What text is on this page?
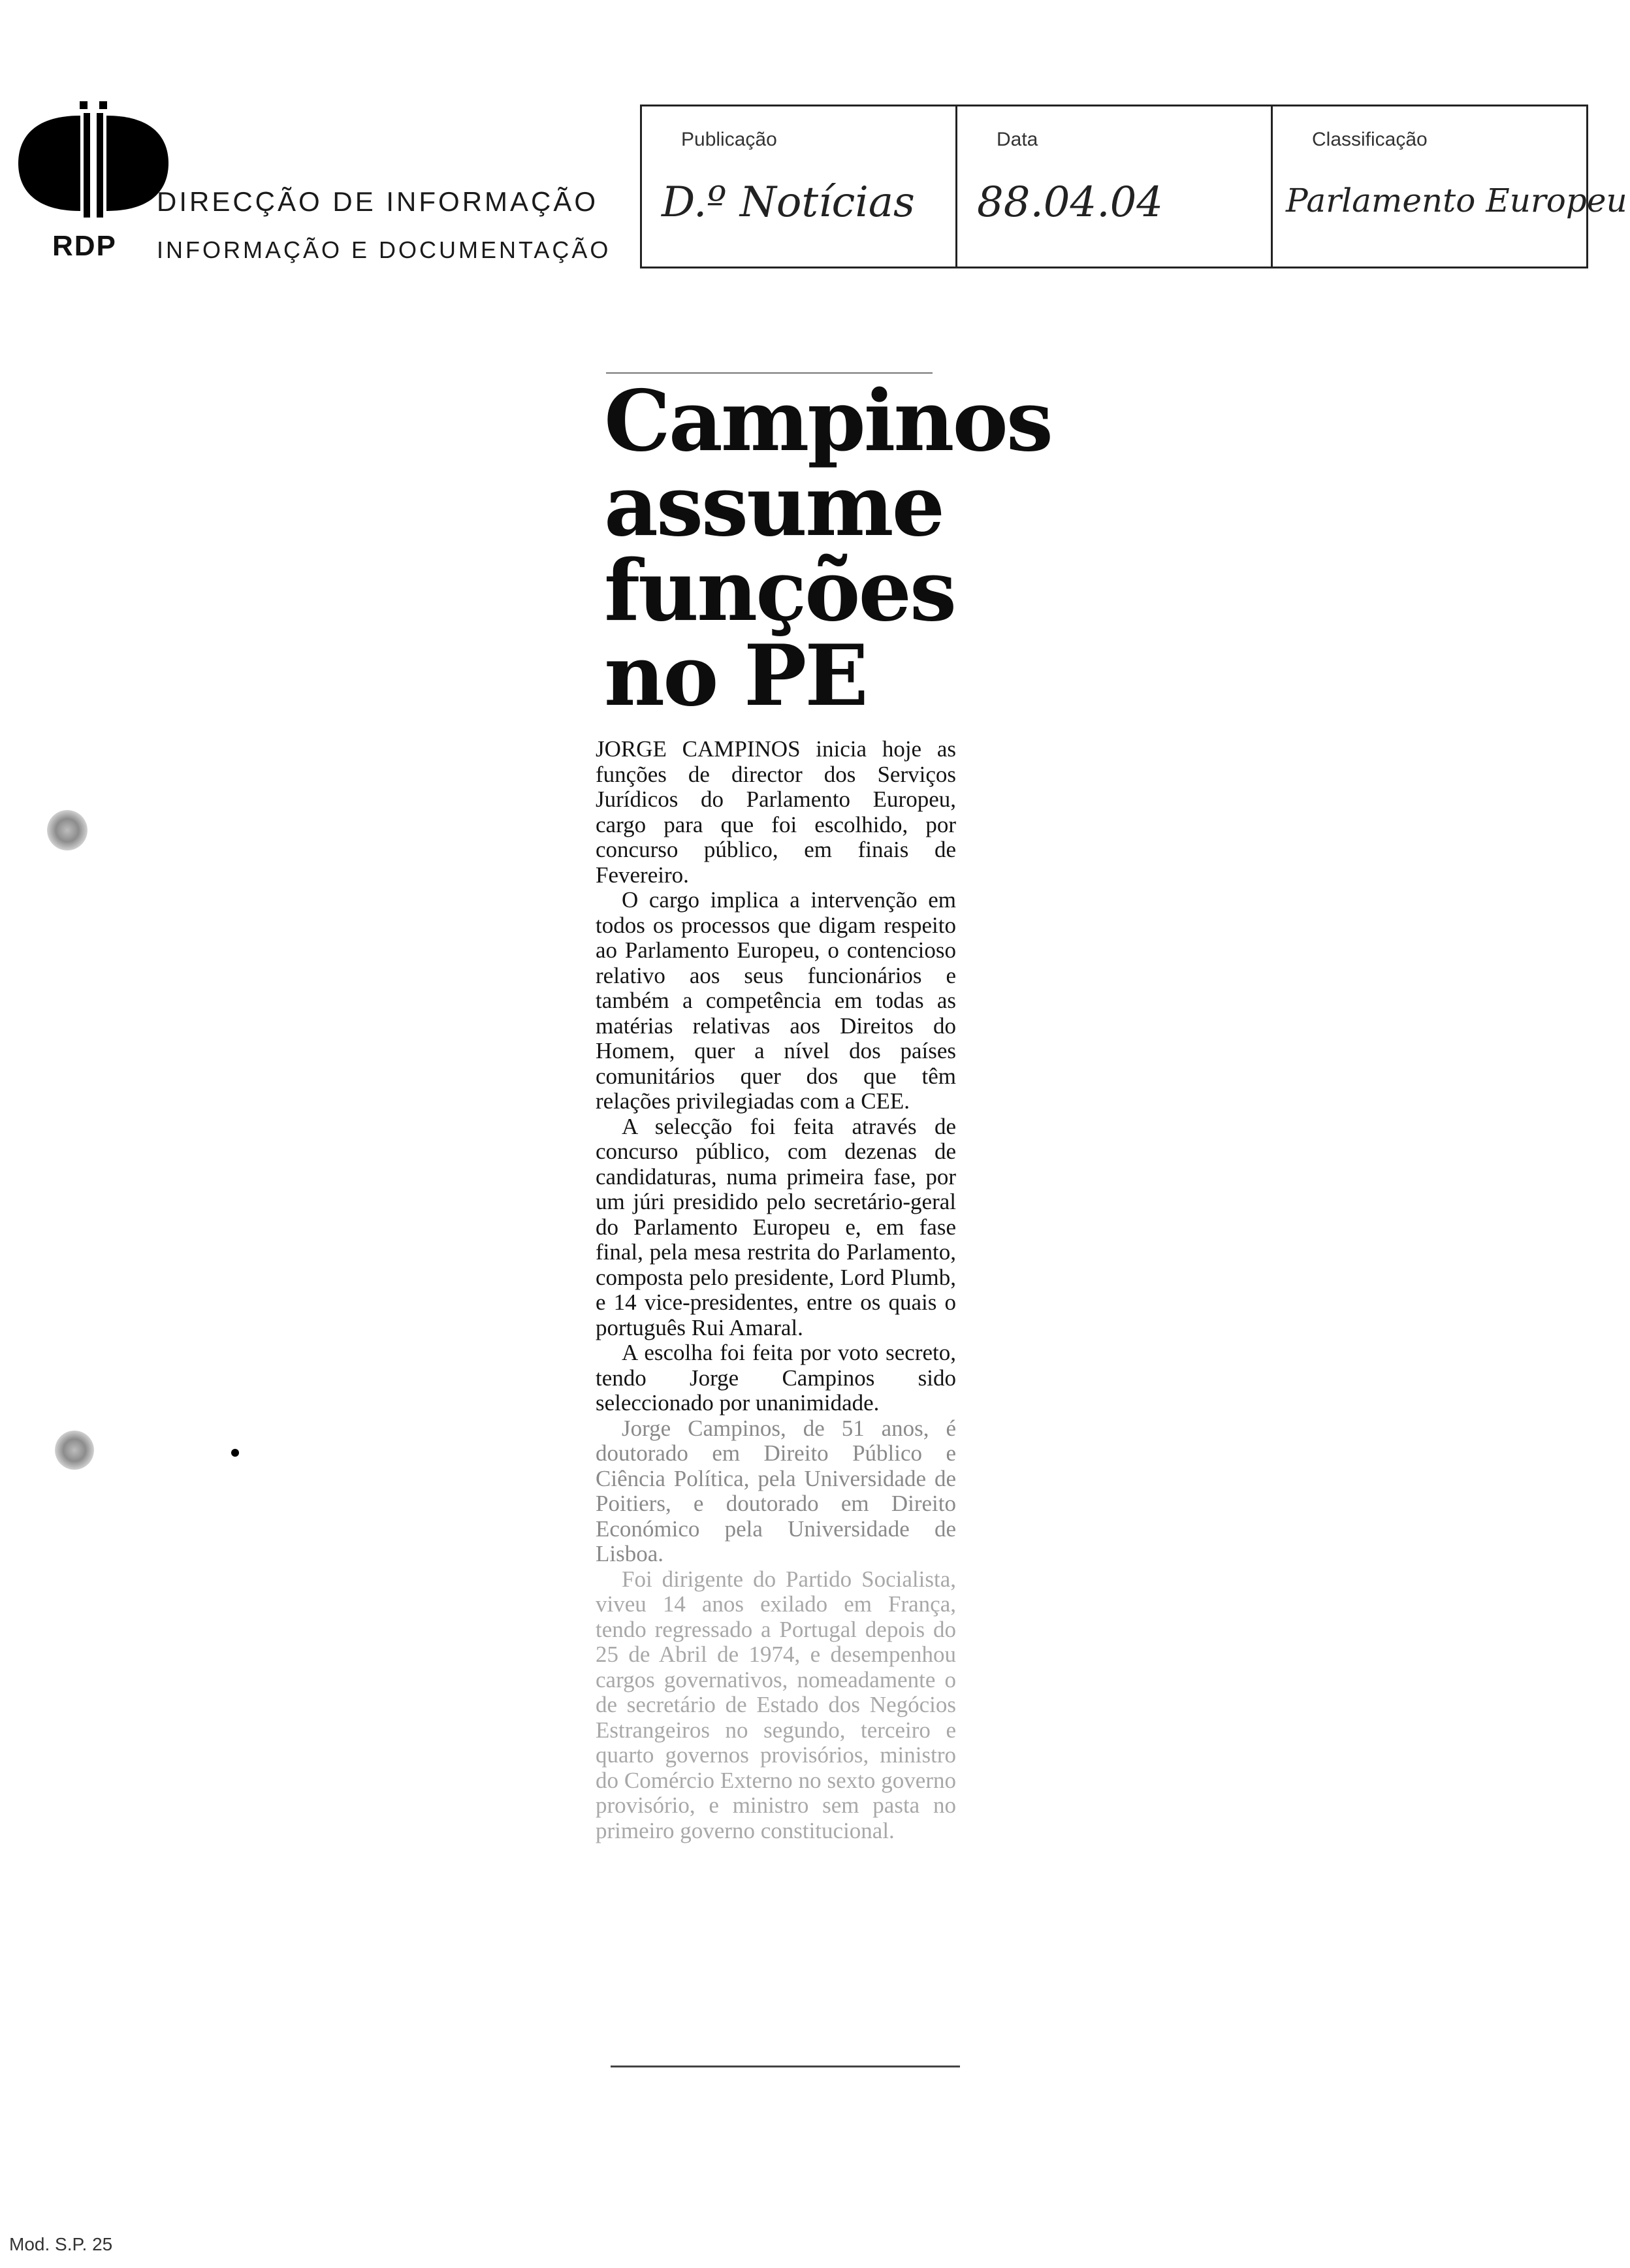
RDP
DIRECÇÃO DE INFORMAÇÃO
INFORMAÇÃO E DOCUMENTAÇÃO
Publicação
D.º Notícias
Data
88.04.04
Classificação
Parlamento Europeu
Campinos
assume
funções
no PE

JORGE CAMPINOS inicia hoje as funções de director dos Serviços Jurídicos do Parlamento Europeu, cargo para que foi escolhido, por concurso público, em finais de Fevereiro.

O cargo implica a intervenção em todos os processos que digam respeito ao Parlamento Europeu, o contencioso relativo aos seus funcionários e também a competência em todas as matérias relativas aos Direitos do Homem, quer a nível dos países comunitários quer dos que têm relações privilegiadas com a CEE.

A selecção foi feita através de concurso público, com dezenas de candidaturas, numa primeira fase, por um júri presidido pelo secretário-geral do Parlamento Europeu e, em fase final, pela mesa restrita do Parlamento, composta pelo presidente, Lord Plumb, e 14 vice-presidentes, entre os quais o português Rui Amaral.

A escolha foi feita por voto secreto, tendo Jorge Campinos sido seleccionado por unanimidade.

Jorge Campinos, de 51 anos, é doutorado em Direito Público e Ciência Política, pela Universidade de Poitiers, e doutorado em Direito Económico pela Universidade de Lisboa.

Foi dirigente do Partido Socialista, viveu 14 anos exilado em França, tendo regressado a Portugal depois do 25 de Abril de 1974, e desempenhou cargos governativos, nomeadamente o de secretário de Estado dos Negócios Estrangeiros no segundo, terceiro e quarto governos provisórios, ministro do Comércio Externo no sexto governo provisório, e ministro sem pasta no primeiro governo constitucional.

Mod. S.P. 25
